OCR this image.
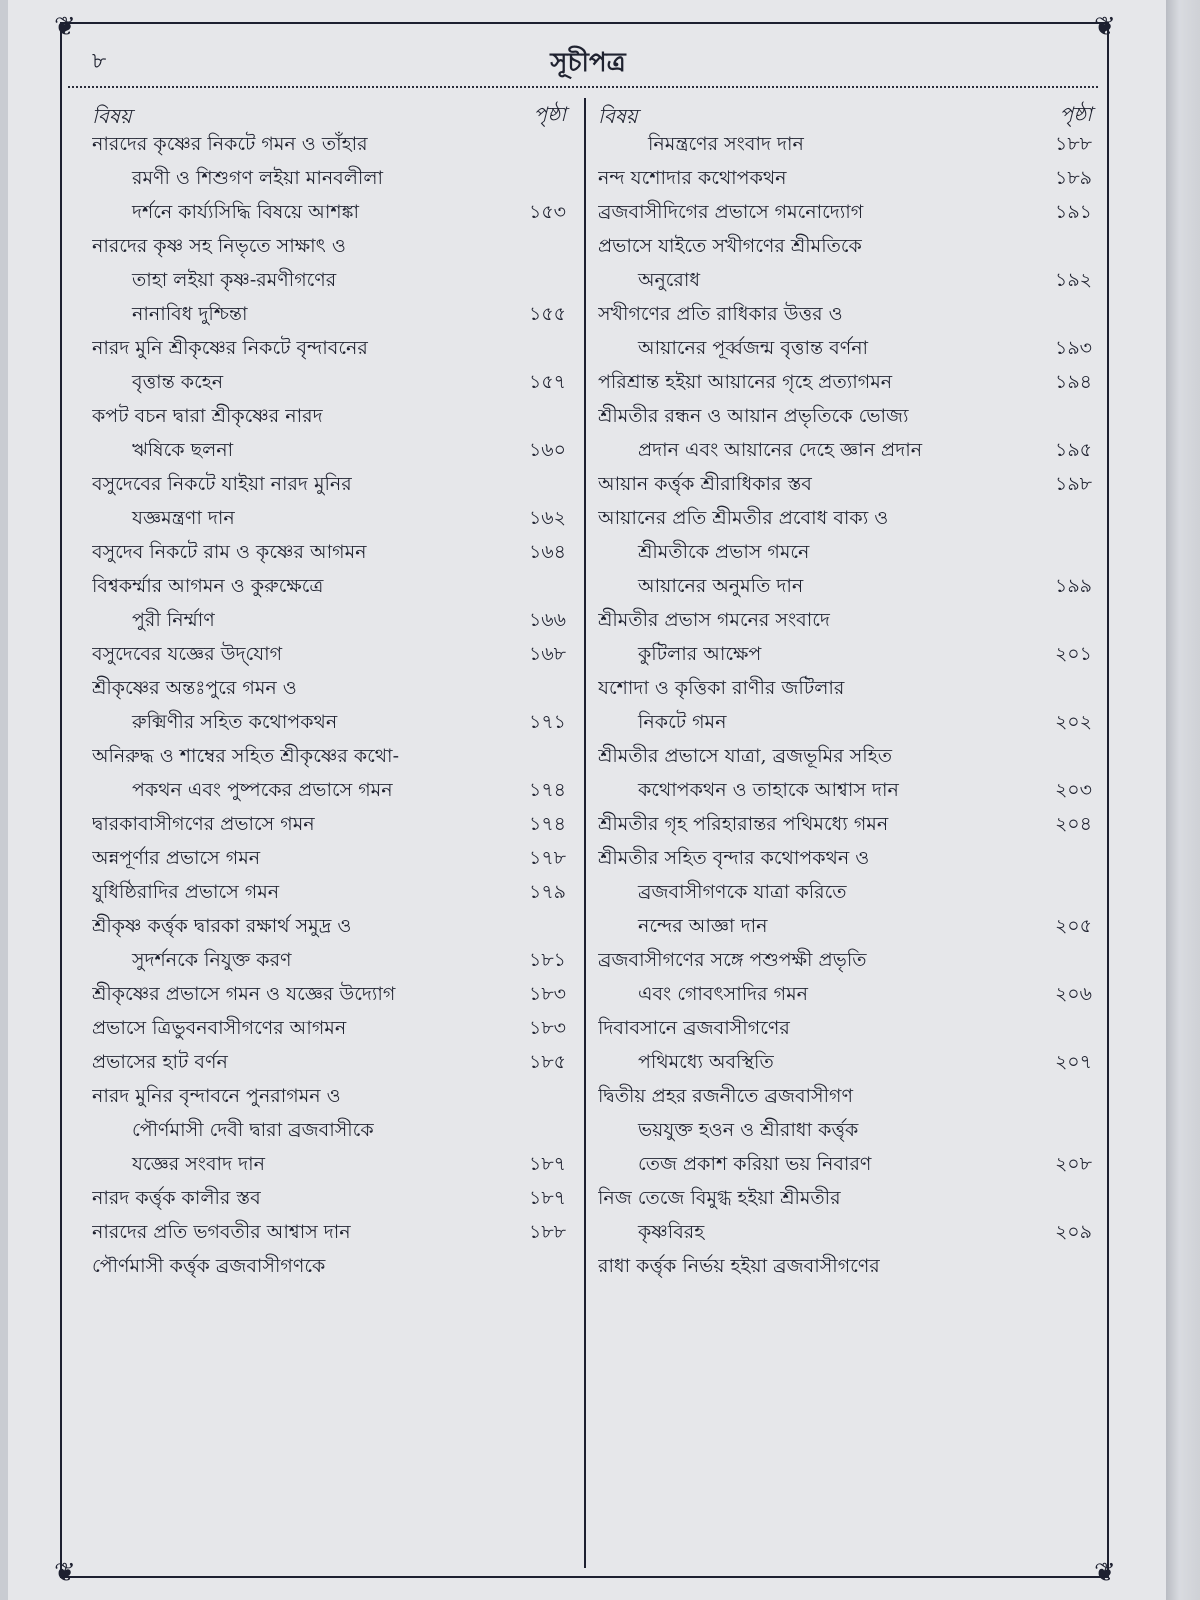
❦	❦
❦	❦

৮	সূচীপত্র
বিষয়	পৃষ্ঠা
নারদের কৃষ্ণের নিকটে গমন ও তাঁহার
রমণী ও শিশুগণ লইয়া মানবলীলা
দর্শনে কার্য্যসিদ্ধি বিষয়ে আশঙ্কা	১৫৩
নারদের কৃষ্ণ সহ নিভৃতে সাক্ষাৎ ও
তাহা লইয়া কৃষ্ণ-রমণীগণের
নানাবিধ দুশ্চিন্তা	১৫৫
নারদ মুনি শ্রীকৃষ্ণের নিকটে বৃন্দাবনের
বৃত্তান্ত কহেন	১৫৭
কপট বচন দ্বারা শ্রীকৃষ্ণের নারদ
ঋষিকে ছলনা	১৬০
বসুদেবের নিকটে যাইয়া নারদ মুনির
যজ্ঞমন্ত্রণা দান	১৬২
বসুদেব নিকটে রাম ও কৃষ্ণের আগমন	১৬৪
বিশ্বকর্ম্মার আগমন ও কুরুক্ষেত্রে
পুরী নির্ম্মাণ	১৬৬
বসুদেবের যজ্ঞের উদ্‌যোগ	১৬৮
শ্রীকৃষ্ণের অন্তঃপুরে গমন ও
রুক্মিণীর সহিত কথোপকথন	১৭১
অনিরুদ্ধ ও শাম্বের সহিত শ্রীকৃষ্ণের কথো-
পকথন এবং পুষ্পকের প্রভাসে গমন	১৭৪
দ্বারকাবাসীগণের প্রভাসে গমন	১৭৪
অন্নপূর্ণার প্রভাসে গমন	১৭৮
যুধিষ্ঠিরাদির প্রভাসে গমন	১৭৯
শ্রীকৃষ্ণ কর্ত্তৃক দ্বারকা রক্ষার্থ সমুদ্র ও
সুদর্শনকে নিযুক্ত করণ	১৮১
শ্রীকৃষ্ণের প্রভাসে গমন ও যজ্ঞের উদ্যোগ	১৮৩
প্রভাসে ত্রিভুবনবাসীগণের আগমন	১৮৩
প্রভাসের হাট বর্ণন	১৮৫
নারদ মুনির বৃন্দাবনে পুনরাগমন ও
পৌর্ণমাসী দেবী দ্বারা ব্রজবাসীকে
যজ্ঞের সংবাদ দান	১৮৭
নারদ কর্ত্তৃক কালীর স্তব	১৮৭
নারদের প্রতি ভগবতীর আশ্বাস দান	১৮৮
পৌর্ণমাসী কর্ত্তৃক ব্রজবাসীগণকে
বিষয়	পৃষ্ঠা
নিমন্ত্রণের সংবাদ দান	১৮৮
নন্দ যশোদার কথোপকথন	১৮৯
ব্রজবাসীদিগের প্রভাসে গমনোদ্যোগ	১৯১
প্রভাসে যাইতে সখীগণের শ্রীমতিকে
অনুরোধ	১৯২
সখীগণের প্রতি রাধিকার উত্তর ও
আয়ানের পূর্ব্বজন্ম বৃত্তান্ত বর্ণনা	১৯৩
পরিশ্রান্ত হইয়া আয়ানের গৃহে প্রত্যাগমন	১৯৪
শ্রীমতীর রন্ধন ও আয়ান প্রভৃতিকে ভোজ্য
প্রদান এবং আয়ানের দেহে জ্ঞান প্রদান	১৯৫
আয়ান কর্ত্তৃক শ্রীরাধিকার স্তব	১৯৮
আয়ানের প্রতি শ্রীমতীর প্রবোধ বাক্য ও
শ্রীমতীকে প্রভাস গমনে
আয়ানের অনুমতি দান	১৯৯
শ্রীমতীর প্রভাস গমনের সংবাদে
কুটিলার আক্ষেপ	২০১
যশোদা ও কৃত্তিকা রাণীর জটিলার
নিকটে গমন	২০২
শ্রীমতীর প্রভাসে যাত্রা, ব্রজভূমির সহিত
কথোপকথন ও তাহাকে আশ্বাস দান	২০৩
শ্রীমতীর গৃহ পরিহারান্তর পথিমধ্যে গমন	২০৪
শ্রীমতীর সহিত বৃন্দার কথোপকথন ও
ব্রজবাসীগণকে যাত্রা করিতে
নন্দের আজ্ঞা দান	২০৫
ব্রজবাসীগণের সঙ্গে পশুপক্ষী প্রভৃতি
এবং গোবৎসাদির গমন	২০৬
দিবাবসানে ব্রজবাসীগণের
পথিমধ্যে অবস্থিতি	২০৭
দ্বিতীয় প্রহর রজনীতে ব্রজবাসীগণ
ভয়যুক্ত হওন ও শ্রীরাধা কর্ত্তৃক
তেজ প্রকাশ করিয়া ভয় নিবারণ	২০৮
নিজ তেজে বিমুগ্ধ হইয়া শ্রীমতীর
কৃষ্ণবিরহ	২০৯
রাধা কর্ত্তৃক নির্ভয় হইয়া ব্রজবাসীগণের
